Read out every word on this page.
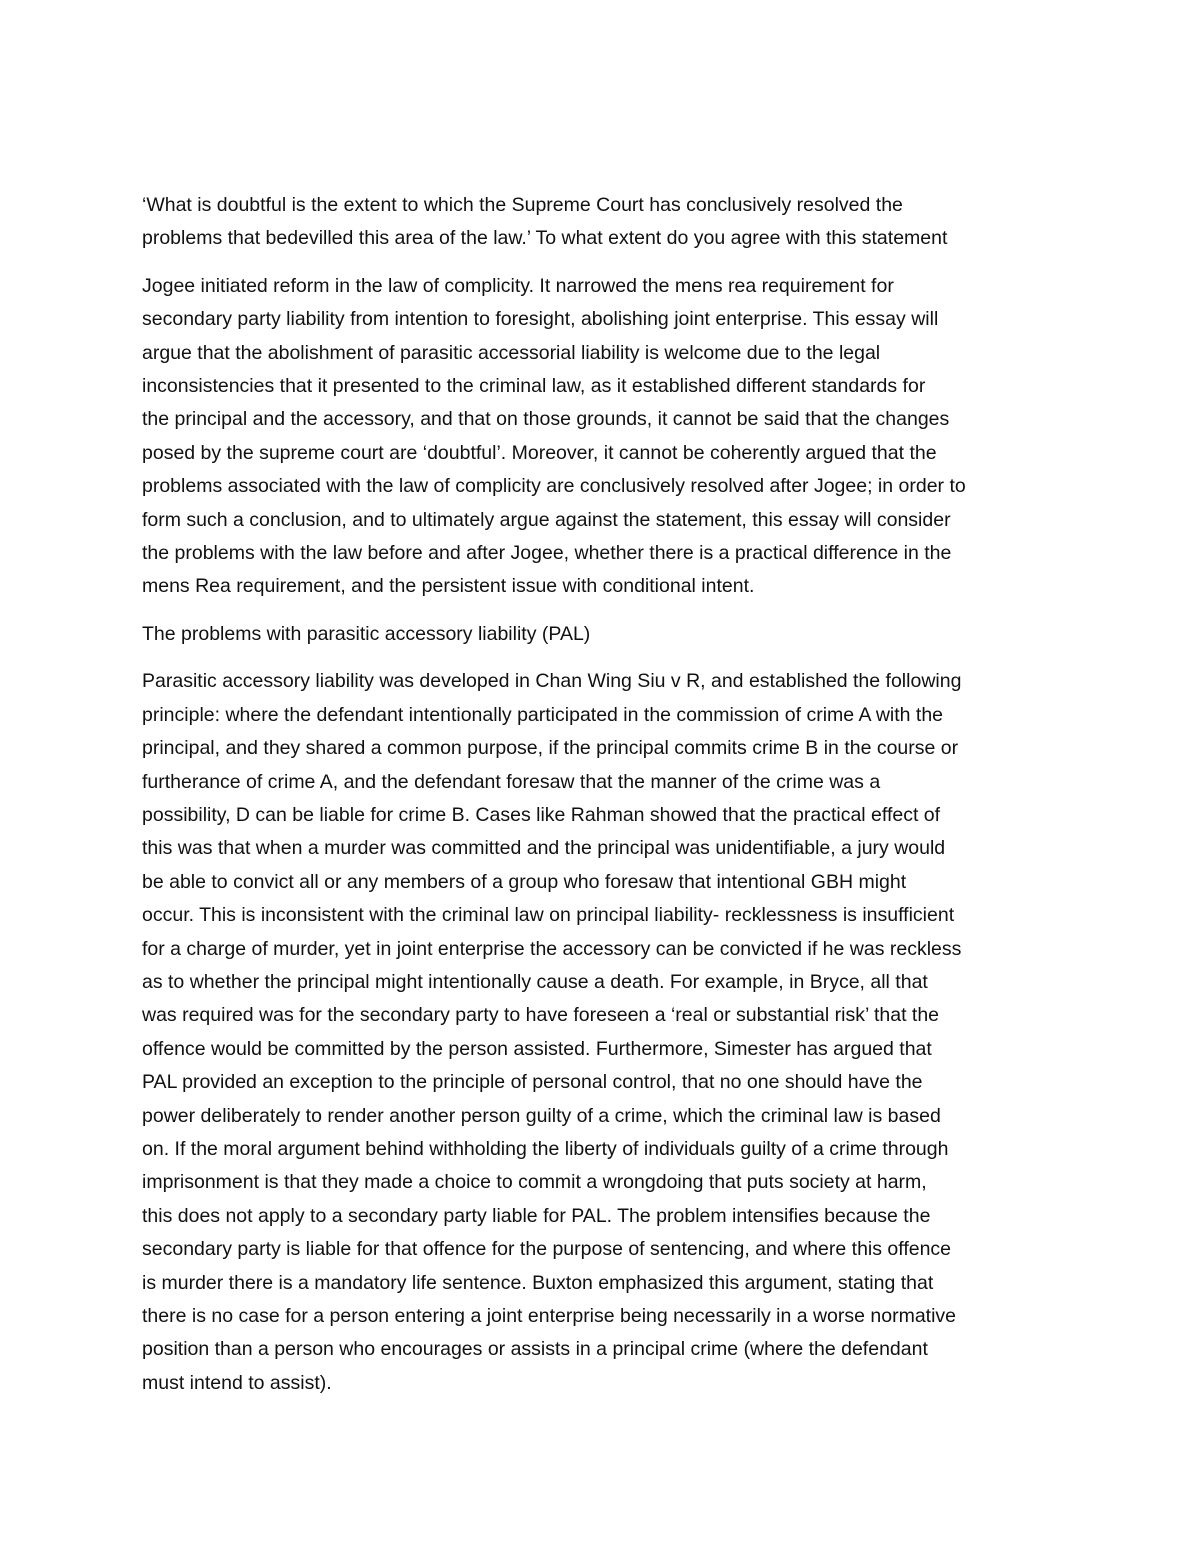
‘What is doubtful is the extent to which the Supreme Court has conclusively resolved the
problems that bedevilled this area of the law.’ To what extent do you agree with this statement

Jogee initiated reform in the law of complicity. It narrowed the mens rea requirement for
secondary party liability from intention to foresight, abolishing joint enterprise. This essay will
argue that the abolishment of parasitic accessorial liability is welcome due to the legal
inconsistencies that it presented to the criminal law, as it established different standards for
the principal and the accessory, and that on those grounds, it cannot be said that the changes
posed by the supreme court are ‘doubtful’. Moreover, it cannot be coherently argued that the
problems associated with the law of complicity are conclusively resolved after Jogee; in order to
form such a conclusion, and to ultimately argue against the statement, this essay will consider
the problems with the law before and after Jogee, whether there is a practical difference in the
mens Rea requirement, and the persistent issue with conditional intent.

The problems with parasitic accessory liability (PAL)

Parasitic accessory liability was developed in Chan Wing Siu v R, and established the following
principle: where the defendant intentionally participated in the commission of crime A with the
principal, and they shared a common purpose, if the principal commits crime B in the course or
furtherance of crime A, and the defendant foresaw that the manner of the crime was a
possibility, D can be liable for crime B. Cases like Rahman showed that the practical effect of
this was that when a murder was committed and the principal was unidentifiable, a jury would
be able to convict all or any members of a group who foresaw that intentional GBH might
occur. This is inconsistent with the criminal law on principal liability- recklessness is insufficient
for a charge of murder, yet in joint enterprise the accessory can be convicted if he was reckless
as to whether the principal might intentionally cause a death. For example, in Bryce, all that
was required was for the secondary party to have foreseen a ‘real or substantial risk’ that the
offence would be committed by the person assisted. Furthermore, Simester has argued that
PAL provided an exception to the principle of personal control, that no one should have the
power deliberately to render another person guilty of a crime, which the criminal law is based
on. If the moral argument behind withholding the liberty of individuals guilty of a crime through
imprisonment is that they made a choice to commit a wrongdoing that puts society at harm,
this does not apply to a secondary party liable for PAL. The problem intensifies because the
secondary party is liable for that offence for the purpose of sentencing, and where this offence
is murder there is a mandatory life sentence. Buxton emphasized this argument, stating that
there is no case for a person entering a joint enterprise being necessarily in a worse normative
position than a person who encourages or assists in a principal crime (where the defendant
must intend to assist).
